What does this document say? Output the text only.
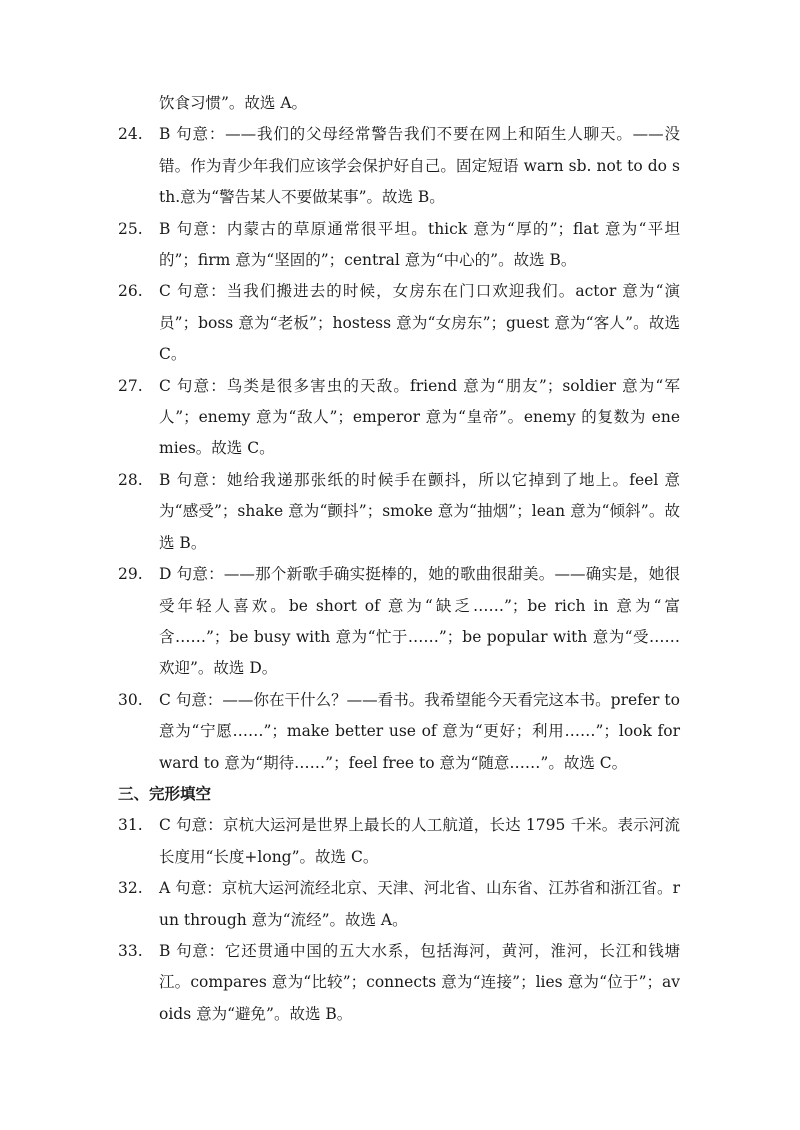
饮食习惯”。故选 A。

24. B 句意：——我们的父母经常警告我们不要在网上和陌生人聊天。——没错。作为青少年我们应该学会保护好自己。固定短语 warn sb. not to do sth.意为“警告某人不要做某事”。故选 B。

25. B 句意：内蒙古的草原通常很平坦。thick 意为“厚的”；flat 意为“平坦的”；firm 意为“坚固的”；central 意为“中心的”。故选 B。

26. C 句意：当我们搬进去的时候，女房东在门口欢迎我们。actor 意为“演员”；boss 意为“老板”；hostess 意为“女房东”；guest 意为“客人”。故选 C。

27. C 句意：鸟类是很多害虫的天敌。friend 意为“朋友”；soldier 意为“军人”；enemy 意为“敌人”；emperor 意为“皇帝”。enemy 的复数为 enemies。故选 C。

28. B 句意：她给我递那张纸的时候手在颤抖，所以它掉到了地上。feel 意为“感受”；shake 意为“颤抖”；smoke 意为“抽烟”；lean 意为“倾斜”。故选 B。

29. D 句意：——那个新歌手确实挺棒的，她的歌曲很甜美。——确实是，她很受年轻人喜欢。be short of 意为“缺乏……”；be rich in 意为“富含……”；be busy with 意为“忙于……”；be popular with 意为“受……欢迎”。故选 D。

30. C 句意：——你在干什么？——看书。我希望能今天看完这本书。prefer to 意为“宁愿……”；make better use of 意为“更好；利用……”；look forward to 意为“期待……”；feel free to 意为“随意……”。故选 C。

三、完形填空

31. C 句意：京杭大运河是世界上最长的人工航道，长达 1795 千米。表示河流长度用“长度+long”。故选 C。

32. A 句意：京杭大运河流经北京、天津、河北省、山东省、江苏省和浙江省。run through 意为“流经”。故选 A。

33. B 句意：它还贯通中国的五大水系，包括海河，黄河，淮河，长江和钱塘江。compares 意为“比较”；connects 意为“连接”；lies 意为“位于”；avoids 意为“避免”。故选 B。
